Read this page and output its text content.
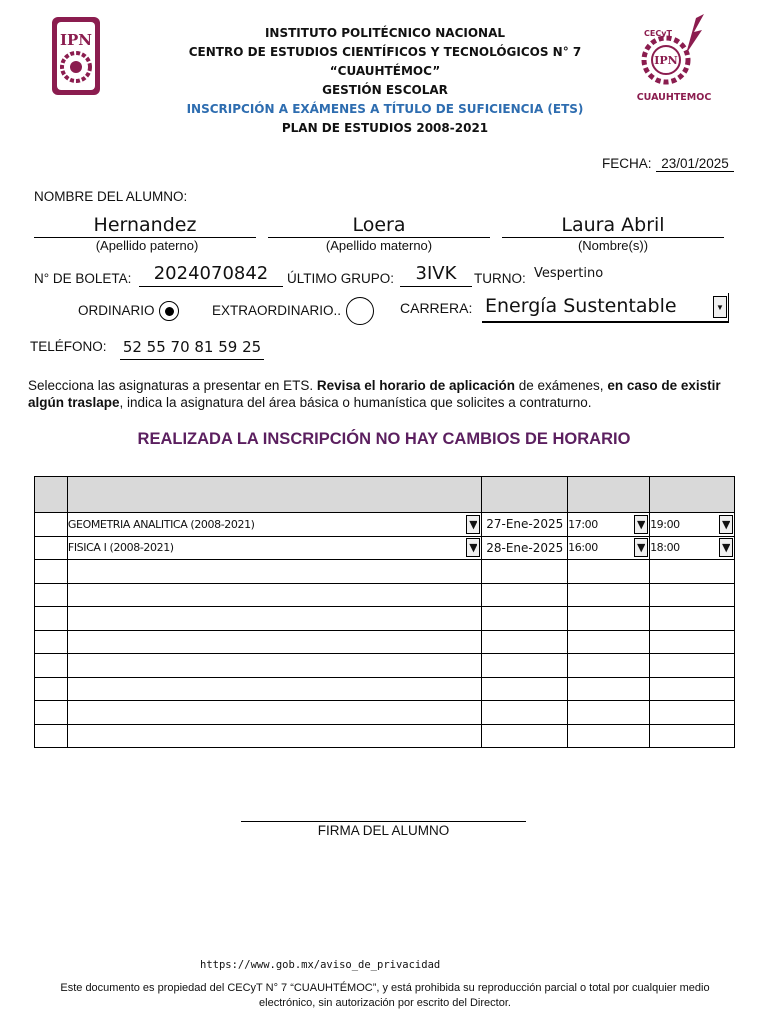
IPN	CECyT
IPN
CUAUHTEMOC
INSTITUTO POLITÉCNICO NACIONAL
CENTRO DE ESTUDIOS CIENTÍFICOS Y TECNOLÓGICOS N° 7
“CUAUHTÉMOC”
GESTIÓN ESCOLAR
INSCRIPCIÓN A EXÁMENES A TÍTULO DE SUFICIENCIA (ETS)
PLAN DE ESTUDIOS 2008-2021
FECHA: 23/01/2025
NOMBRE DEL ALUMNO:
Hernandez
(Apellido paterno)
Loera
(Apellido materno)
Laura Abril
(Nombre(s))
N° DE BOLETA:	2024070842	ÚLTIMO GRUPO:	3IVK	TURNO: Vespertino
ORDINARIO	EXTRAORDINARIO..	CARRERA: Energía Sustentable	▼
TELÉFONO: 52 55 70 81 59 25
Selecciona las asignaturas a presentar en ETS. Revisa el horario de aplicación de exámenes, en caso de existir algún traslape, indica la asignatura del área básica o humanística que solicites a contraturno.
REALIZADA LA INSCRIPCIÓN NO HAY CAMBIOS DE HORARIO

	GEOMETRIA ANALITICA (2008-2021) ▼	27-Ene-2025	17:00 ▼	19:00 ▼

	FISICA I (2008-2021) ▼	28-Ene-2025	16:00 ▼	18:00 ▼

FIRMA DEL ALUMNO
https://www.gob.mx/aviso_de_privacidad
Este documento es propiedad del CECyT N° 7 “CUAUHTÉMOC”, y está prohibida su reproducción parcial o total por cualquier medio electrónico, sin autorización por escrito del Director.
